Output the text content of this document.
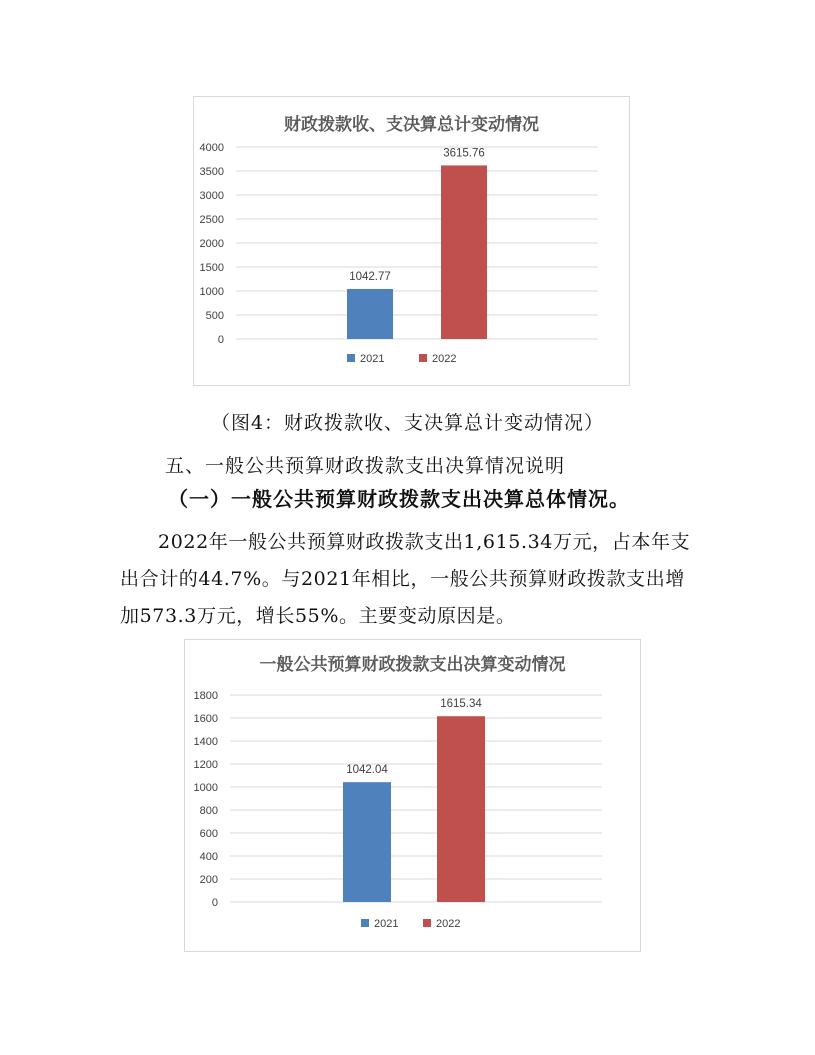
财政拨款收、支决算总计变动情况
0
500
1000
1500
2000
2500
3000
3500
4000
1042.77
3615.76
2021	2022
（图4：财政拨款收、支决算总计变动情况）
五、一般公共预算财政拨款支出决算情况说明
（一）一般公共预算财政拨款支出决算总体情况。

2022年一般公共预算财政拨款支出1,615.34万元，占本年支出合计的44.7%。与2021年相比，一般公共预算财政拨款支出增加573.3万元，增长55%。主要变动原因是。

一般公共预算财政拨款支出决算变动情况
0
200
400
600
800
1000
1200
1400
1600
1800
1042.04
1615.34
2021	2022
